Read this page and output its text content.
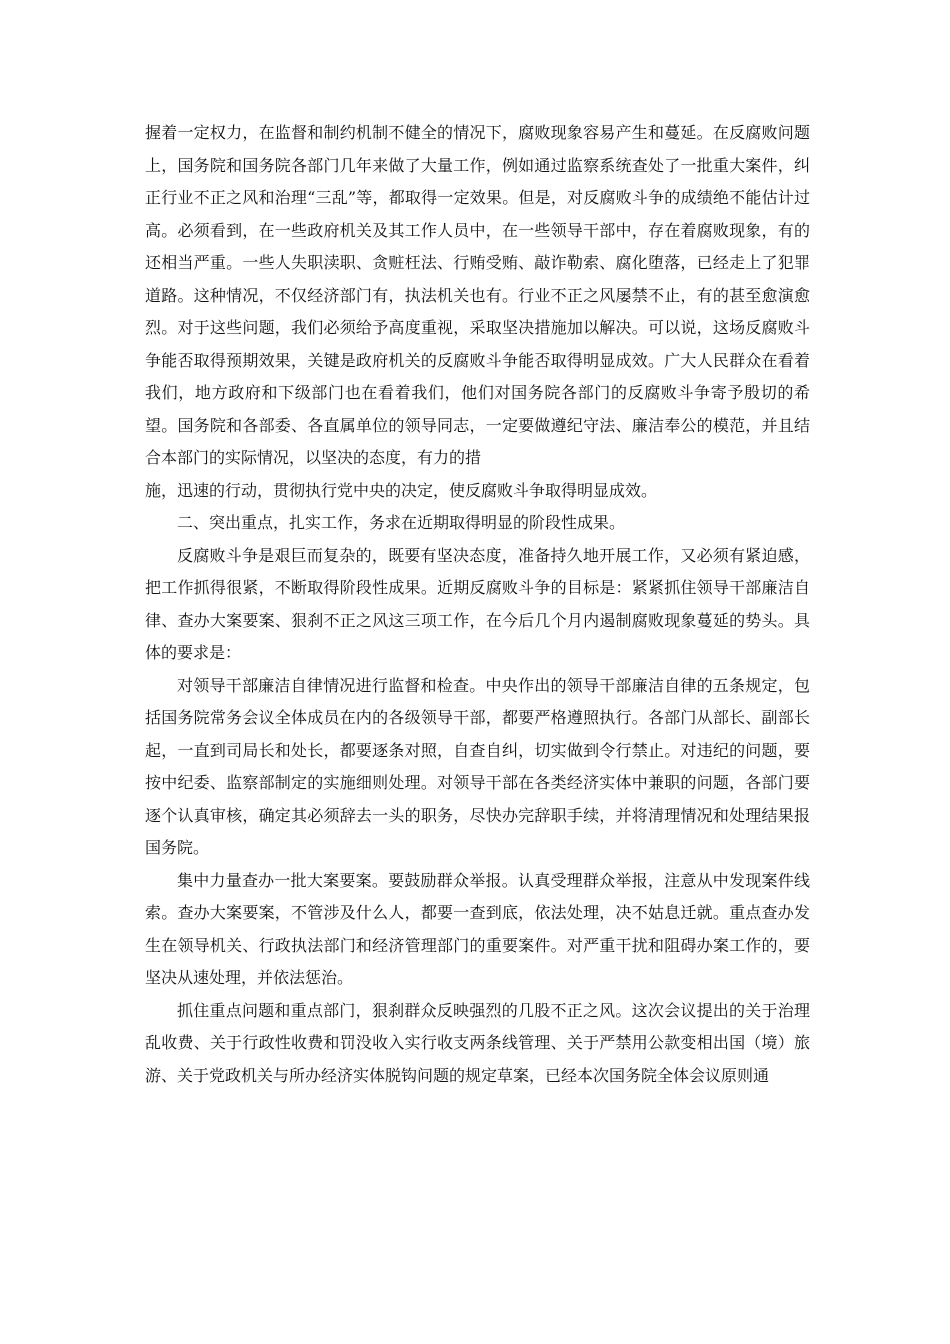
握着一定权力，在监督和制约机制不健全的情况下，腐败现象容易产生和蔓延。在反腐败问题上，国务院和国务院各部门几年来做了大量工作，例如通过监察系统查处了一批重大案件，纠正行业不正之风和治理“三乱”等，都取得一定效果。但是，对反腐败斗争的成绩绝不能估计过高。必须看到，在一些政府机关及其工作人员中，在一些领导干部中，存在着腐败现象，有的还相当严重。一些人失职渎职、贪赃枉法、行贿受贿、敲诈勒索、腐化堕落，已经走上了犯罪道路。这种情况，不仅经济部门有，执法机关也有。行业不正之风屡禁不止，有的甚至愈演愈烈。对于这些问题，我们必须给予高度重视，采取坚决措施加以解决。可以说，这场反腐败斗争能否取得预期效果，关键是政府机关的反腐败斗争能否取得明显成效。广大人民群众在看着我们，地方政府和下级部门也在看着我们，他们对国务院各部门的反腐败斗争寄予殷切的希望。国务院和各部委、各直属单位的领导同志，一定要做遵纪守法、廉洁奉公的模范，并且结合本部门的实际情况，以坚决的态度，有力的措

施，迅速的行动，贯彻执行党中央的决定，使反腐败斗争取得明显成效。

二、突出重点，扎实工作，务求在近期取得明显的阶段性成果。

反腐败斗争是艰巨而复杂的，既要有坚决态度，准备持久地开展工作，又必须有紧迫感，把工作抓得很紧，不断取得阶段性成果。近期反腐败斗争的目标是：紧紧抓住领导干部廉洁自律、查办大案要案、狠刹不正之风这三项工作，在今后几个月内遏制腐败现象蔓延的势头。具体的要求是：

对领导干部廉洁自律情况进行监督和检查。中央作出的领导干部廉洁自律的五条规定，包括国务院常务会议全体成员在内的各级领导干部，都要严格遵照执行。各部门从部长、副部长起，一直到司局长和处长，都要逐条对照，自查自纠，切实做到令行禁止。对违纪的问题，要按中纪委、监察部制定的实施细则处理。对领导干部在各类经济实体中兼职的问题，各部门要逐个认真审核，确定其必须辞去一头的职务，尽快办完辞职手续，并将清理情况和处理结果报国务院。

集中力量查办一批大案要案。要鼓励群众举报。认真受理群众举报，注意从中发现案件线索。查办大案要案，不管涉及什么人，都要一查到底，依法处理，决不姑息迁就。重点查办发生在领导机关、行政执法部门和经济管理部门的重要案件。对严重干扰和阻碍办案工作的，要坚决从速处理，并依法惩治。

抓住重点问题和重点部门，狠刹群众反映强烈的几股不正之风。这次会议提出的关于治理乱收费、关于行政性收费和罚没收入实行收支两条线管理、关于严禁用公款变相出国（境）旅游、关于党政机关与所办经济实体脱钩问题的规定草案，已经本次国务院全体会议原则通
